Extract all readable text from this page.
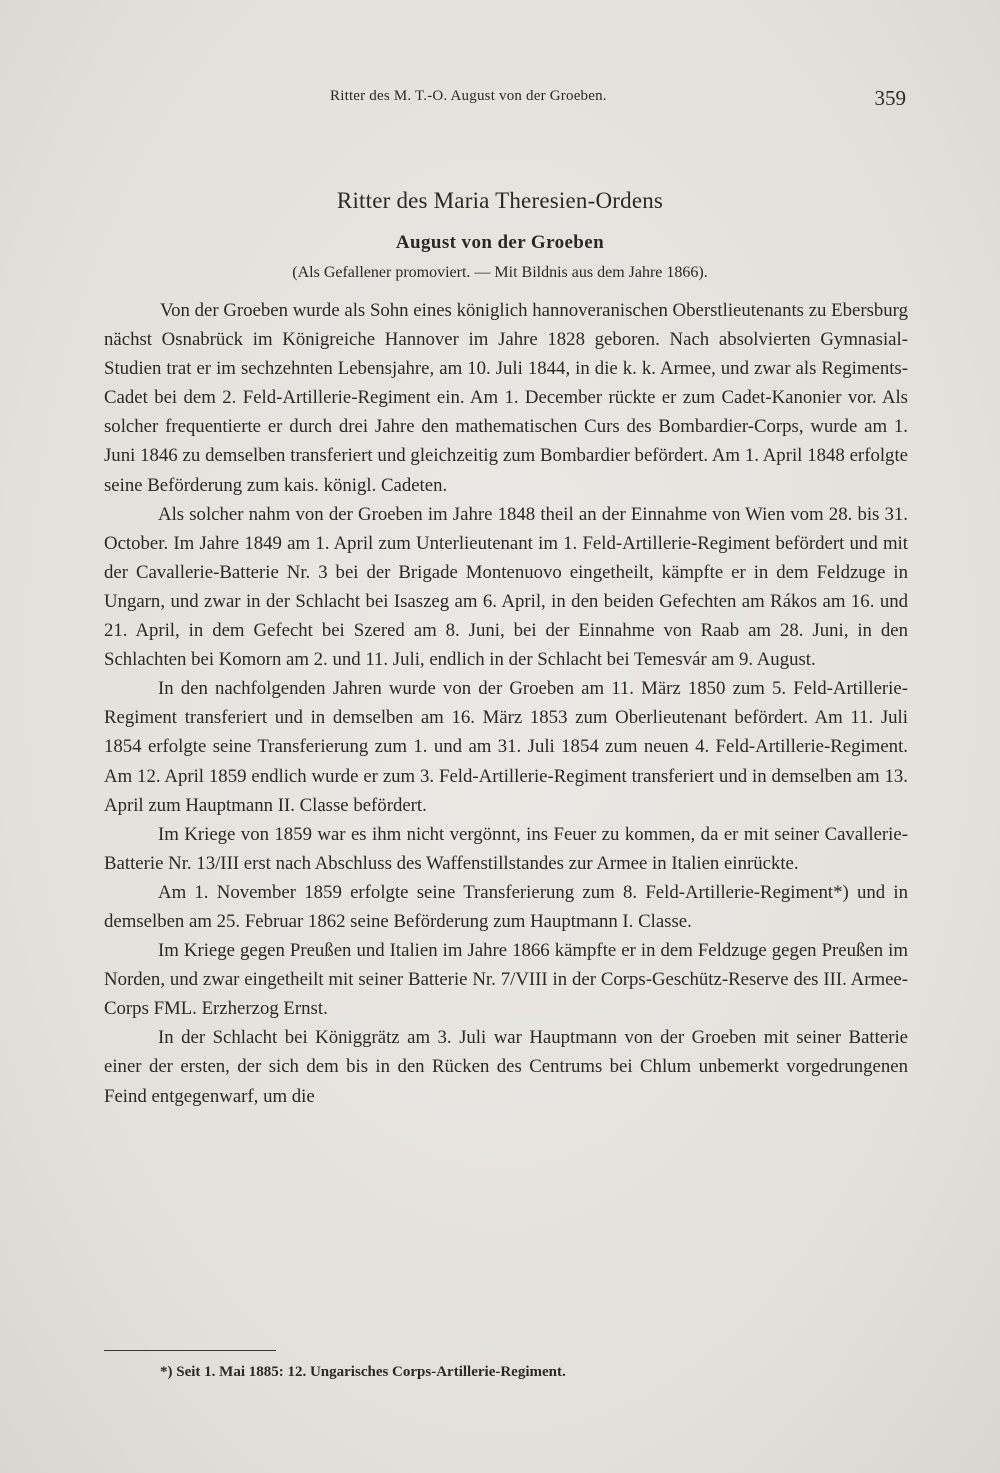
Ritter des M. T.-O. August von der Groeben.	359
Ritter des Maria Theresien-Ordens
August von der Groeben
(Als Gefallener promoviert. — Mit Bildnis aus dem Jahre 1866).

Von der Groeben wurde als Sohn eines königlich hannoveranischen Oberstlieutenants zu Ebersburg nächst Osnabrück im Königreiche Hannover im Jahre 1828 geboren. Nach absolvierten Gymnasial-Studien trat er im sechzehnten Lebensjahre, am 10. Juli 1844, in die k. k. Armee, und zwar als Regiments-Cadet bei dem 2. Feld-Artillerie-Regiment ein. Am 1. December rückte er zum Cadet-Kanonier vor. Als solcher frequentierte er durch drei Jahre den mathematischen Curs des Bombardier-Corps, wurde am 1. Juni 1846 zu demselben transferiert und gleichzeitig zum Bombardier befördert. Am 1. April 1848 erfolgte seine Beförderung zum kais. königl. Cadeten.

Als solcher nahm von der Groeben im Jahre 1848 theil an der Einnahme von Wien vom 28. bis 31. October. Im Jahre 1849 am 1. April zum Unterlieutenant im 1. Feld-Artillerie-Regiment befördert und mit der Cavallerie-Batterie Nr. 3 bei der Brigade Montenuovo eingetheilt, kämpfte er in dem Feldzuge in Ungarn, und zwar in der Schlacht bei Isaszeg am 6. April, in den beiden Gefechten am Rákos am 16. und 21. April, in dem Gefecht bei Szered am 8. Juni, bei der Einnahme von Raab am 28. Juni, in den Schlachten bei Komorn am 2. und 11. Juli, endlich in der Schlacht bei Temesvár am 9. August.

In den nachfolgenden Jahren wurde von der Groeben am 11. März 1850 zum 5. Feld-Artillerie-Regiment transferiert und in demselben am 16. März 1853 zum Oberlieutenant befördert. Am 11. Juli 1854 erfolgte seine Transferierung zum 1. und am 31. Juli 1854 zum neuen 4. Feld-Artillerie-Regiment. Am 12. April 1859 endlich wurde er zum 3. Feld-Artillerie-Regiment transferiert und in demselben am 13. April zum Hauptmann II. Classe befördert.

Im Kriege von 1859 war es ihm nicht vergönnt, ins Feuer zu kommen, da er mit seiner Cavallerie-Batterie Nr. 13/III erst nach Abschluss des Waffenstillstandes zur Armee in Italien einrückte.

Am 1. November 1859 erfolgte seine Transferierung zum 8. Feld-Artillerie-Regiment*) und in demselben am 25. Februar 1862 seine Beförderung zum Hauptmann I. Classe.

Im Kriege gegen Preußen und Italien im Jahre 1866 kämpfte er in dem Feldzuge gegen Preußen im Norden, und zwar eingetheilt mit seiner Batterie Nr. 7/VIII in der Corps-Geschütz-Reserve des III. Armee-Corps FML. Erzherzog Ernst.

In der Schlacht bei Königgrätz am 3. Juli war Hauptmann von der Groeben mit seiner Batterie einer der ersten, der sich dem bis in den Rücken des Centrums bei Chlum unbemerkt vorgedrungenen Feind entgegenwarf, um die

*) Seit 1. Mai 1885: 12. Ungarisches Corps-Artillerie-Regiment.
